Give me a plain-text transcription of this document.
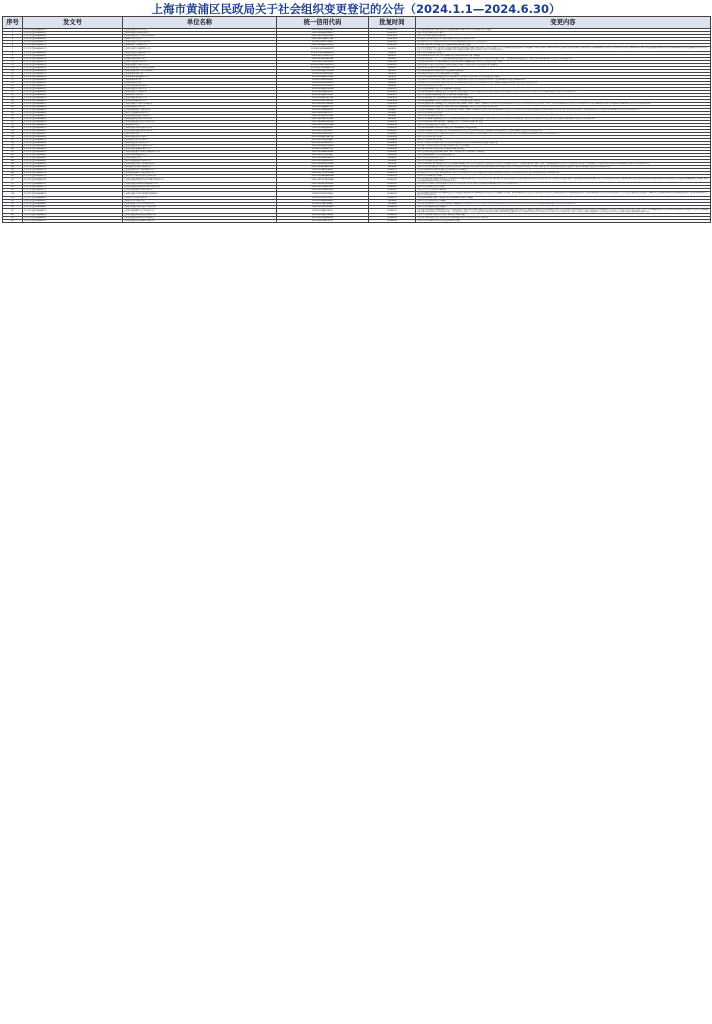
上海市黄浦区民政局关于社会组织变更登记的公告（2024.1.1—2024.6.30）
序号	发文号	单位名称	统一信用代码	批复时间	变更内容
1	沪黄民社登[2024]0002号	上海市黄浦区计划生育协会	51310101501101109X	2024/1/10	住所由重庆南路100号1411室变更为制造局路181号3楼;法定代表人由张燕变更为黄佳华。
2	沪黄民社登[2024]0003号	上海市黄浦区华康恒裕养护院	52310101MJ4979606O	2024/1/10	法定代表人由朱斌变更为王新江。
3	沪黄民社登[2024]0008号	上海市黄浦区夭青青少年体育俱乐部	52310101593130141S	2024/1/25	法定代表人由杨一鹏变更为赵一峰。
4	沪黄民社登[2024]0009号	上海市民办文达中学	52310101E78821214K	2024/1/25	业务范围由学校教育变更为学历教育(涉及许可的,凭许可证开展业务)。
5	沪黄民社登[2024]0011号	上海市黄浦区优质教育技术协会	51310101501111BX8	2024/1/25	业务范围由为中学学习教育变更为初中学历教育(涉及行政许可的,凭许可证开展业务)。
6	沪黄民社登[2024]0012号	上海海派新生文化研究中心	52310101MJ4973200D	2024/1/25	住所由蒙自路374号1156室变更为西藏南路765号601室1-1座。
7	沪黄民社登[2024]0015号	上海市黄浦区社会组织服务中心	52310101055886383XT	2024/2/2	业务范围由承接政府购买服务项目,开展社会组织现代化建设评估,组织交流与培训、提供公益服务平台,为社会组织发展提供服务;为社区组织工作提供具体相关推进,开展业务主管部门和登记管理机关委托的各项工作(涉及行政许可的,凭许可证开展业务)变更为承接政府购买服务,开展社会组织交流培训,开展社会组织等级评估等社会组织综合服务与评估,提供公共信息服务;为社会组织登记管理部门和社会组织开展事务性服务(涉及许可的,凭许可证开展业务)。
8	沪黄民社登[2024]0016号	上海市黄浦区社会组织服务中心	52310101055886383XT	2024/2/2	法定代表人由郭蕾变更为黄静。
9	沪黄民社登[2024]0018号	上海市元劲教育专修学院	52310101757587077O	2024/2/2	住所由普陀路721弄1号楼二楼二楼南侧变更为普陀路721弄1号楼二楼南侧。
10	沪黄民社登[2024]0019号	上海市保家职业技能学校	52310101669388756P	2024/2/2	业务范围由保卫职、一、二、三级,五级培训(涉及行政许可的,凭许可证开展业务)变更为保卫管理员(一级、二级),城市轨道交通操作员、安防员的培训(涉及行政许可的,凭许可证开展业务)。
11	沪黄民社登[2024]0021号	上海第一课堂教育文化中心	52310101774329555G	2024/2/20	住所由蒙自路1505号1号楼1074室变更为蒙自路1359号3楼A322室;法定代表人由黄家华变更为刘燕。
12	沪黄民社登[2024]0022号	上海市黄浦区民生现代美术馆	52310101056793587O2T	2024/2/20	名称由上海民生现代美术馆变更为上海市黄浦区民生现代美术馆;法定代表人由黄萍变更为张涛宁。
13	沪黄民社登[2024]0023号	上海市黄浦区格致青少年体育俱乐部	52310101739036327X9	2024/3/1	法定代表人由周浩芳变更为任慧敏。
14	沪黄民社登[2024]0026号	上海市黄浦区格致八彩艺术俱乐部	52310101MJ4979745N	2024/3/1	住所由淮海南路933号2501变更为斜土路433号402室。
15	沪黄民社登[2024]0027号	上海创造教育培训中心	52310101E78910006I	2024/3/1	住所由瑞金一路151号变更为瑞金南路1号1256室。
16	沪黄民社登[2024]0028号	上海市章惠养老管理服务中心	52310101MJ4973108E	2024/3/1	住所由中华路西路1003号3楼变更为中华路236号三层西首另一层;法定代表人由罗梅全变更为杨伟。
17	沪黄民社登[2024]0030号	上海市知音职业学校	52310101E78930983	2024/3/5	业务范围由中小学艺术特长生教育变更为初中学历教育(涉及许可的,凭许可证开展业务);开办资金由50.00万元变更为100.00万元。
18	沪黄民社登[2024]0031号	上海市知音职业学校	52310101E78930983	2024/3/5	业务范围由中小学艺术特长生教育变更为初中学历教育(涉及许可的,凭许可证开展业务)变更为普通高中课程教育(涉及许可的,凭许可证开展业务)。
19	沪黄民社登[2024]0032号	上海市黄浦区游泳教练协会	51310101501110419G	2024/3/5	法定代表人由孔东变更为贾燕。
20	沪黄民社登[2024]0035号	上海市黄浦区艺术教育学会	52310101MJ4979825A	2024/3/12	住所由斜土路1496号变更为中山南路969号1903室。
21	沪黄民社登[2024]0036号	上海市黄浦区大公调解中心	52310101424820432Y	2024/3/20	住所由淮海南路890号1401室变更为打浦路15号35层03室;业务范围由调解社会纠纷,开展法制宣传与教育(涉及许可的,凭许可证开展业务)变更为自学考试辅导(涉及许可的,凭许可证开展业务)。
22	沪黄民社登[2024]0038号	上海国际语言培训学院	52310101MJ4979526C	2024/3/21	住所由大境路58号3楼310室变更为宁波路120号18楼110室。
23	沪黄民社登[2024]0039号	上海市黄浦区家长教育中心	52310101MJ4974178W	2024/3/26	住所由宁波路120号十一楼1102室变更为宁波路120号18楼110室。
24	沪黄民社登[2024]0040号	上海威霆社区事务服务中心	52310101501109284	2024/3/26	住所由制造局路666号变更为方斜515号;法定代表人由沈新明变更为黄志超。
25	沪黄民社登[2024]0041号	上海市黄浦区中学校总务管理协会	52310101425704636P	2024/3/26	住所由制造局路130号1804室变更为制造局路130号1804、1902、1903、1904;业务范围由艺术体育(涉及行政许可的,凭许可证开展业务)变更为英语、日语、中华汉语(涉及行政许可的,凭许可证开展业务);变更为瑞花花苑(五级)、园林绿化工(涉及行政许可的,凭许可证开展业务)。
26	沪黄民社登[2024]0042号	上海市黄浦区小学心中心	51310101MJ4968271V	2024/3/29	住所由陆家浜路755号16楼变更为淮海中路10号8号楼408室;法定代表人由许永光变更为徐亦贤。
27	沪黄民社登[2024]0043号	上海市黄浦区瑞金二路街道商会	52310101766494470C	2024/4/1	住所由浙江南路800号17楼变更为宁海东路200号1505、1506、1516;业务范围由中华汉语(涉及行政许可的,凭许可证开展业务),开展体育赛事活动(其他体育运动除外)变更为非学历教育(体育培训)、开展体育运动非学历文化知识培训(涉及许可的,凭许可证开展业务)。
28	沪黄民社登[2024]0046号	上海人大人创新创业研修学院	52310101695837877Y	2024/4/3	法定代表人由孙星变更为李颖。
29	沪黄民社登[2024]0047号	上海市黄浦区社区服务管理中心	52310101558797240K	2024/4/3	法定代表人由袁家毅变更为秦川。
30	沪黄民社登[2024]0048号	上海黄浦区新闻晨报沪喆进修学校	52310101558797240K	2024/4/3	住所由汉口路266号9楼901室变更为汉口路300号3楼301室;业务范围由普通高中学科课外辅导变更为学科类非学历补习(涉及许可的,凭许可证开展业务),变更为非学历文化知识培训(涉及许可的,凭许可证开展业务)。
31	沪黄民社登[2024]0049号	上海市黄浦区新闻晨报沪喆进修学校	52310101660763900A	2024/4/16	住所由打浦路335~343号601室、1室A8室变更为六合路98号9层A、B、C室。
32	沪黄民社登[2024]0050号	上海明德进修学院	52310101501103382A	2024/4/16	法定代表人由陆玉娇变更为马骁龙。
33	沪黄民社登[2024]0051号	上海市黄浦区外滩社区志愿者协会	52310101MJ498003E	2024/4/16	住所由陆家浜路650号2103~2110室变更为福州路465号201室301室。
34	沪黄民社登[2024]0052号	上海市黄浦区天蓝朗教育培训中心	52310101797031807F	2024/4/22	业务范围由高等非学历教育(财经类、外语类)(涉及许可的,凭许可证开展业务)变更为高等非学历教育(财经类、外语类)(涉及许可的,凭许可证开展业务)。
35	沪黄民社登[2024]0055号	上海经警进修学院	52310101E78910321L	2024/4/26	法定代表人由周孝胜变更为贾瑞苗;业务范围由中学文化、职技类等非学历进修(涉及许可的,凭许可证开展业务)变更为非学历文化知识培训(涉及许可的,凭许可证开展业务)。
36	沪黄民社登[2024]0056号	上海市黄浦区申同人养护院	52310101MJ4973431W	2024/4/26	法定代表人由郑智变更为郑敏。
37	沪黄民社登[2024]0057号	上海市馨示文化快车艺术团	52310101747632882L	2024/4/26	法定代表人由雷苗变更为郑敏。
38	沪黄民社登[2024]0058号	上海市黄浦区本文化艺术中心	52310101341549501O	2024/4/26	住所由广西北路1号1205号变更为北京东路2704室变更为北京东路818号海外滩金融大厦807室。
39	沪黄民社登[2024]0059号	上海市黄浦区欢乐汇社区服务中心	52310101MJ4973968Z	2024/4/26	住所由复兴东路53号底层变更为蒙自东路27号地下一层113室。
40	沪黄民社登[2024]0060号	上海市黄浦区全程健康服务中心	52310101596489715J	2024/4/30	住所由蒙自路374号207室变更为西藏南路765号601室。
41	沪黄民社登[2024]0063号	上海市黄浦区老西门街道社会组织服务中心	52310101066430638K	2024/4/30	住所由上海市黄浦区蓬莱路56号205、207、223室变更为中华路917号2楼D座。
42	沪黄民社登[2024]0064号	上海协进高级管理进修学院	52310101501100149T	2024/4/30	住所由黄陂南路630号变更为制造局路181号。
43	沪黄民社登[2024]0065号	上海市黄浦区医学会	52310101094420859X	2024/5/6	法定代表人由倪亦波变更为黄灵。
44	沪黄民社登[2024]0068号	上海江南智造创意产业促进中心	52310101784783479O	2024/5/8	法定代表人由任晓东变更为黄凯。
45	沪黄民社登[2024]0069号	上海市黄浦区飞鱼青少年游泳俱乐部	52310101424820336M	2024/5/8	住所由打浦路200号4号603室变更为斜土路768号404室;法定代表人由黄琪变更为金俊敏;业务范围由青少年游泳,各类中、青年游泳及培训、训练、比赛、交流(涉及行政许可的,凭许可证开展业务)变更为青少年游泳、各类体育类非学历非学历(涉及行政许可的,凭许可证开展业务)。
46	沪黄民社登[2024]0070号	上海黄浦区七彩星启育明德学校	52310101667841895D	2024/5/8	法定代表人由李经理变更为汉;业务范围由为开展世纪广场社会活动提供服务,开展社区志愿服务活动(涉及许可的,凭许可证开展业务)变更为为世纪广场社会活动、志愿服务开展社会公益活动、服务活动(涉及许可的,凭许可证开展业务)。
47	沪黄民社登[2024]0071号	上海市南京路世纪广场管理服务中心	52310101MJ4974098	2024/5/11	住所由河南南路3号3-4号023室变更为蒙自路737号905室。
48	沪黄民社登[2024]0072号	上海市黄浦区澜芝文化发展服务中心	52310101767929376A	2024/5/14	业务范围由中小学生文化学科培训(涉及许可的,凭许可证开展业务)变更为普通高中非学科类培训(涉及许可的,凭许可证开展业务);开办资金由10.00万元变更为100.00万元。
49	沪黄民社登[2024]0073号	上海中华学生教与环境科学会进修学校	52310101080048505M	2024/5/14	法定代表人由张敏变更为高聪。
50	沪黄民社登[2024]0074号	上海市黄浦区新思路商务专业调解资格培训中心	52310101757187085A	2024/5/20	住所由宁波路120号18楼110室变更为宁波路120号18楼110室;法定代表人由郑小杰变更为李伯静;业务范围由技能培训,开展有偿服务和培训;依法开展专业咨询、各种商业活动宣传交流、开展有偿服务和培训(涉及许可的,凭许可证开展业务)变更为承接政府购买服务,宣传法律,开展有偿服务和培训,开展培训知识,为社会提供商事调解和专业调解、参与社会治理(涉及行政许可的,凭许可证开展业务)。
51	沪黄民社登[2024]0075号	上海市黄浦区外滩街道社会组织服务中心	52310101425203583R	2024/5/20	业务范围由中学和非学历教育(涉及许可的,凭许可证开展业务)变更为非学历文化知识培训(涉及许可的,凭许可证开展业务)。
52	沪黄民社登[2024]0077号	上海市黄浦区侨仪校科技文化艺术进修学校	52310101750592255C	2024/5/22	法定代表人由徐俊亮变更为王刚。
53	沪黄民社登[2024]0079号	上海市黄浦区南港口技术培训中心	52310101794547832G	2024/5/29	法定代表人由王大虎变更为张保国。
54	沪黄民社登[2024]0081号	上海市黄浦区五里桥社区老年日间照料站	52310101750317664	2024/5/31	住所由黄浦区打浦路200号4号楼601室变更为黄浦区打浦路200号4号楼601室;业务范围由青少年篮球、乒乓球、游泳(涉及行政许可的,凭许可证开展业务)变更为青少年体育运动项目的训练和竞赛活动、体育培训(涉及许可的,凭许可证开展业务)、养生发展、组织开展各种宣传、赛事活动,青少年体育运动项目的训练和竞赛活动、体育培训(涉及许可的,凭许可证开展业务)。
55	沪黄民社登[2024]0082号	上海翔鸿青少年体育俱乐部	52310101E78912309	2024/5/31	住所由徽国路805号501、505室变更为徽国路805号501、508室。
56	沪黄民社登[2024]0083号	上海市当代人才进修学院	52310101424820408	2024/6/4	法定代表人由朱贞元变更为朱毅峰。
57	沪黄民社登[2024]0084号	上海市黄浦区大成文化艺术进修学校	52310101768780841J	2024/6/4	住所由南京西路185号变更为南京西路185号B座6楼;业务范围由中小学生艺术类非学历非学历培训(涉及许可的,凭许可证开展业务)变更为非学历文化知识培训(涉及许可的,凭许可证开展业务)。
58	沪黄民社登[2024]0086号	上海市黄浦区打浦桥社区生活服务中心	52310101594735966O	2024/6/13	法定代表人由张振敏变更为陈冀华。
59	沪黄民社登[2024]0087号	上海市黄浦区慈济公益青年发展中心	52310101MJ4973116	2024/6/21	住所由蒙自路1359号3楼A322室变更为上海市黄浦区宁波路120号18楼110室;业务范围由为弱势群体开展慈善帮困与志愿服务项目,组织公益交流活动,开展与慈善公益相关的咨询与服务;接受政府委托开展相关服务项目(涉及行政许可的,凭许可证开展业务)变更为为社区、企业、社团等组织及提供公益活动支持,提供慈善资讯与服务,为社会公益慈善组织提供服务和志愿服务,以协助建设社区、为社区提供公益服务;为社会公益服务机构提供志愿者服务,承接政府和企事业单位项目(涉及许可的,凭许可证开展业务);法定代表人由冯俊变更为周秀杰;名称由上海市黄浦区慈济公益青年发展中心变更为上海市黄浦区外滩街道综合服务中心。
60	沪黄民社登[2024]0089号	上海市黄浦区浩海海涅悦教师服务中心	52310101MJ4979845X	2024/6/24	住所由大沽路374号3楼变更为徐家汇路550号20楼C3座。
61	沪黄民社登[2024]0090号	上海市黄浦区易制毒化学品管理协会	52310101MJ4968034Y	2024/6/24	住所由外马路1218号变更为蒙自路757号2903室;法定代表人由孙伟明变更为陈华胜。
62	沪黄民社登[2024]0091号	上海市黄浦区社会救助事务管理中心	52310101695837877Y	2024/6/26	住所由中华东站路110号变更为西宝家路121号3楼。
